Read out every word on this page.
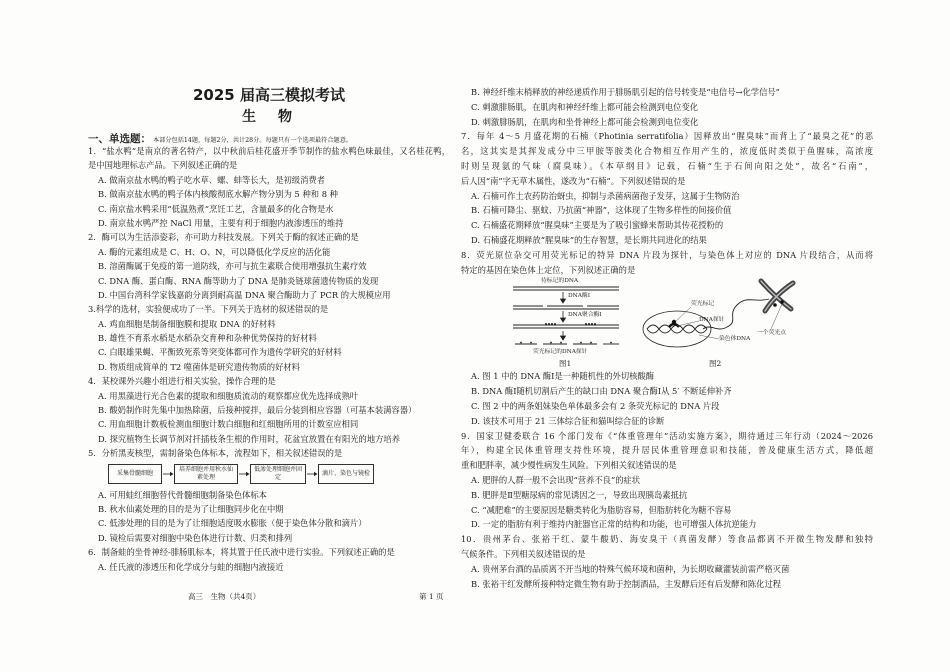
2025 届高三模拟考试
生　物
一、单选题： 本部分包括14题，每题2分，共计28分。每题只有一个选项最符合题意。
1．“盐水鸭”是南京的著名特产，以中秋前后桂花盛开季节制作的盐水鸭色味最佳，又名桂花鸭，
是中国地理标志产品。下列叙述正确的是
A. 做南京盐水鸭的鸭子吃水草、螺、蚌等长大，是初级消费者
B. 做南京盐水鸭的鸭子体内核酸彻底水解产物分别为 5 种和 8 种
C. 南京盐水鸭采用“低温熟煮”烹饪工艺，含量最多的化合物是水
D. 南京盐水鸭严控 NaCl 用量，主要有利于细胞内液渗透压的维持
2．酶可以为生活添姿彩，亦可助力科技发展。下列关于酶的叙述正确的是
A. 酶的元素组成是 C、H、O、N，可以降低化学反应的活化能
B. 溶菌酶属于免疫的第一道防线，亦可与抗生素联合使用增强抗生素疗效
C. DNA 酶、蛋白酶、RNA 酶等助力了 DNA 是肺炎链球菌遗传物质的发现
D. 中国台湾科学家钱嘉韵分离到耐高温 DNA 聚合酶助力了 PCR 的大规模应用
3.科学的选材，实验便成功了一半。下列关于选材的叙述错误的是
A. 鸡血细胞是制备细胞膜和提取 DNA 的好材料
B. 雄性不育系水稻是水稻杂交育种和杂种优势保持的好材料
C. 白眼雄果蝇、平衡致死系等突变体都可作为遗传学研究的好材料
D. 物质组成简单的 T2 噬菌体是研究遗传物质的好材料
4．某校课外兴趣小组进行相关实验，操作合理的是
A. 用黑藻进行光合色素的提取和细胞质流动的观察都应优先选择成熟叶
B. 酸奶制作时先集中加热除菌，后接种搅拌，最后分装到相应容器（可基本装满容器）
C. 用血细胞计数板检测血细胞计数白细胞和红细胞所用的计数室应相同
D. 探究植物生长调节剂对扦插枝条生根的作用时，花盆宜放置在有阳光的地方培养
5．分析黑麦核型，需制备染色体标本，流程如下，相关叙述错误的是
采集骨髓细胞
培养细胞并用秋水仙素处理
低渗处理细胞并固定
滴片、染色与镜检
A. 可用蛙红细胞替代骨髓细胞制备染色体标本
B. 秋水仙素处理的目的是为了让细胞同步化在中期
C. 低渗处理的目的是为了让细胞适度吸水膨胀（便于染色体分散和滴片）
D. 镜检后需要对细胞中染色体进行计数、归类和排列
6．制备蛙的坐骨神经-腓肠肌标本，将其置于任氏液中进行实验。下列叙述正确的是
A. 任氏液的渗透压和化学成分与蛙的细胞内液接近
B. 神经纤维末梢释放的神经递质作用于腓肠肌引起的信号转变是“电信号→化学信号”
C. 刺激腓肠肌，在肌肉和神经纤维上都可能会检测到电位变化
D. 刺激腓肠肌，在肌肉和坐骨神经上都可能会检测到电位变化
7．每年 4～5 月盛花期的石楠（Photinia serratifolia）因释放出“腥臭味”而背上了“最臭之花”的恶
名，这其实是其挥发成分中三甲胺等胺类化合物相互作用产生的，浓度低时类似于鱼腥味，高浓度
时则呈现氨的气味（腐臭味）。《本草纲目》记载，石楠“生于石间向阳之处”，故名“石南”，
后人因“南”字无草木属性，遂改为“石楠”。下列叙述错误的是
A. 石楠可作土农药防治蚜虫，抑制与杀菌病菌孢子发芽，这属于生物防治
B. 石楠可降尘、驱蚊、乃抗菌“神器”，这体现了生物多样性的间接价值
C. 石楠盛花期释放“腥臭味”主要是为了吸引蜜蜂来帮助其传花授粉的
D. 石楠盛花期释放“腥臭味”的生存智慧，是长期共同进化的结果
8．荧光原位杂交可用荧光标记的特异 DNA 片段为探针，与染色体上对应的 DNA 片段结合，从而将
特定的基因在染色体上定位，下列叙述正确的是
待标记的DNA
DNA酶Ⅰ
DNA聚合酶Ⅰ
荧光标记的DNA探针
图1
荧光标记
染色体DNA
DNA探针
一个荧光点
图2
A. 图 1 中的 DNA 酶Ⅰ是一种随机性的外切核酸酶
B. DNA 酶Ⅰ随机切割后产生的缺口由 DNA 聚合酶Ⅰ从 5′ 不断延伸补齐
C. 图 2 中的两条姐妹染色单体最多会有 2 条荧光标记的 DNA 片段
D. 该技术可用于 21 三体综合征和猫叫综合征的诊断
9．国家卫健委联合 16 个部门发布《“体重管理年”活动实施方案》，期待通过三年行动（2024～2026
年），构建全民体重管理支持性环境，提升居民体重管理意识和技能，普及健康生活方式，降低超
重和肥胖率，减少慢性病发生风险。下列相关叙述错误的是
A. 肥胖的人群一般不会出现“营养不良”的症状
B. 肥胖是Ⅱ型糖尿病的常见诱因之一，导致出现胰岛素抵抗
C. “减肥难”的主要原因是糖类转化为脂肪容易，但脂肪转化为糖不容易
D. 一定的脂肪有利于维持内脏器官正常的结构和功能，也可增强人体抗逆能力
10．贵州茅台、张裕干红、蒙牛酸奶、海安臭干（真菌发酵）等食品都离不开微生物发酵和独特
气候条件。下列相关叙述错误的是
A. 贵州茅台酒的品质离不开当地的特殊气候环境和菌种，为长期收藏灌装前需严格灭菌
B. 张裕干红发酵所接种特定微生物有助于控制酒品，主发酵后还有后发酵和陈化过程
高三　生物（共4页）	第 1 页
